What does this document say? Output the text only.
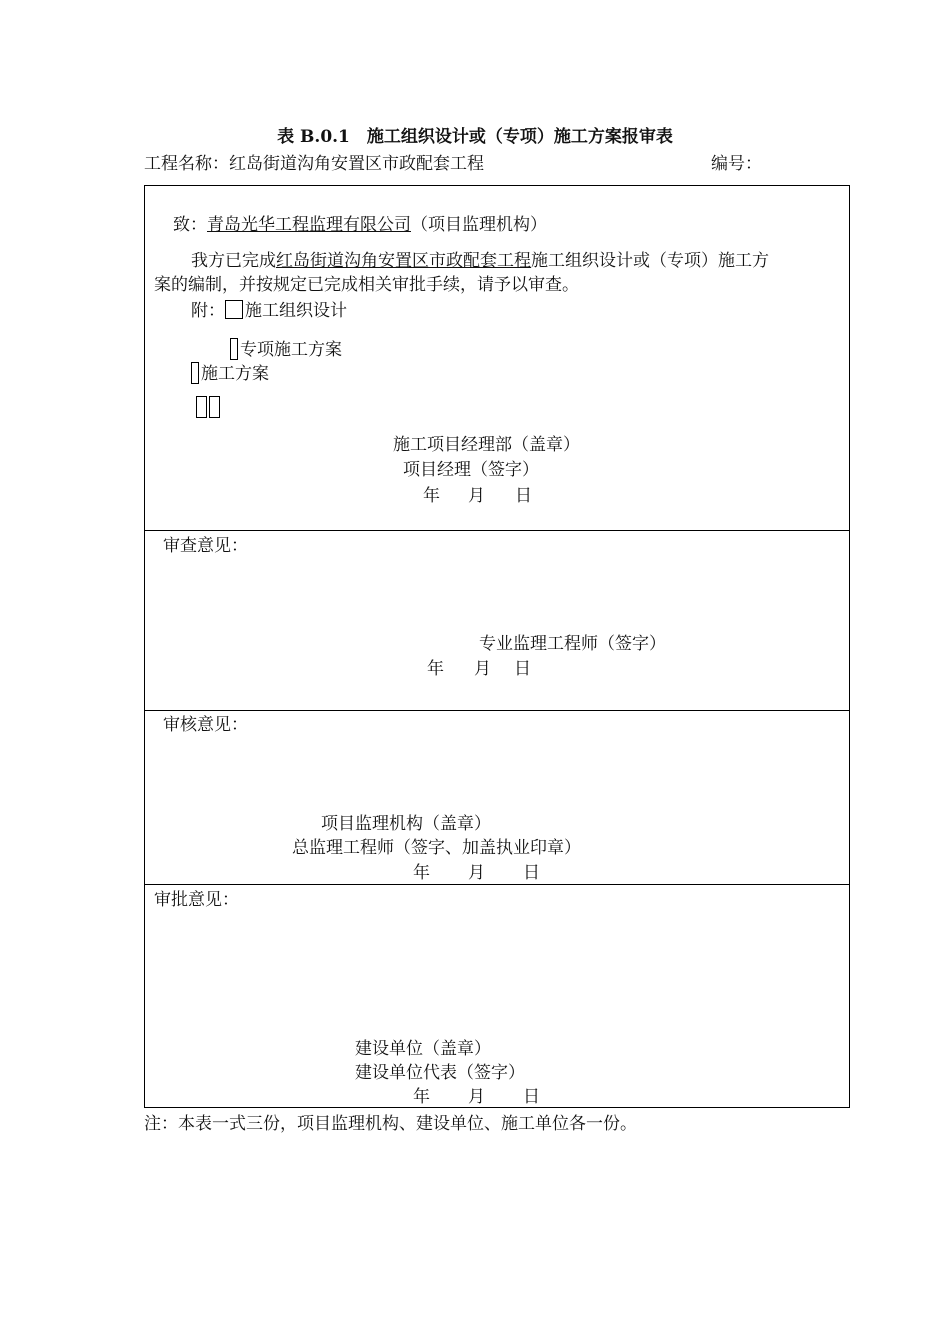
表 B.0.1　施工组织设计或（专项）施工方案报审表
工程名称：红岛街道沟角安置区市政配套工程	编号：
致：青岛光华工程监理有限公司（项目监理机构）
我方已完成红岛街道沟角安置区市政配套工程施工组织设计或（专项）施工方
案的编制，并按规定已完成相关审批手续，请予以审查。
附： 施工组织设计
专项施工方案
施工方案
施工项目经理部（盖章）
项目经理（签字）
年 月 日
审查意见：
专业监理工程师（签字）
年 月 日
审核意见：
项目监理机构（盖章）
总监理工程师（签字、加盖执业印章）
年 月 日
审批意见：
建设单位（盖章）
建设单位代表（签字）
年 月 日
注：本表一式三份，项目监理机构、建设单位、施工单位各一份。
